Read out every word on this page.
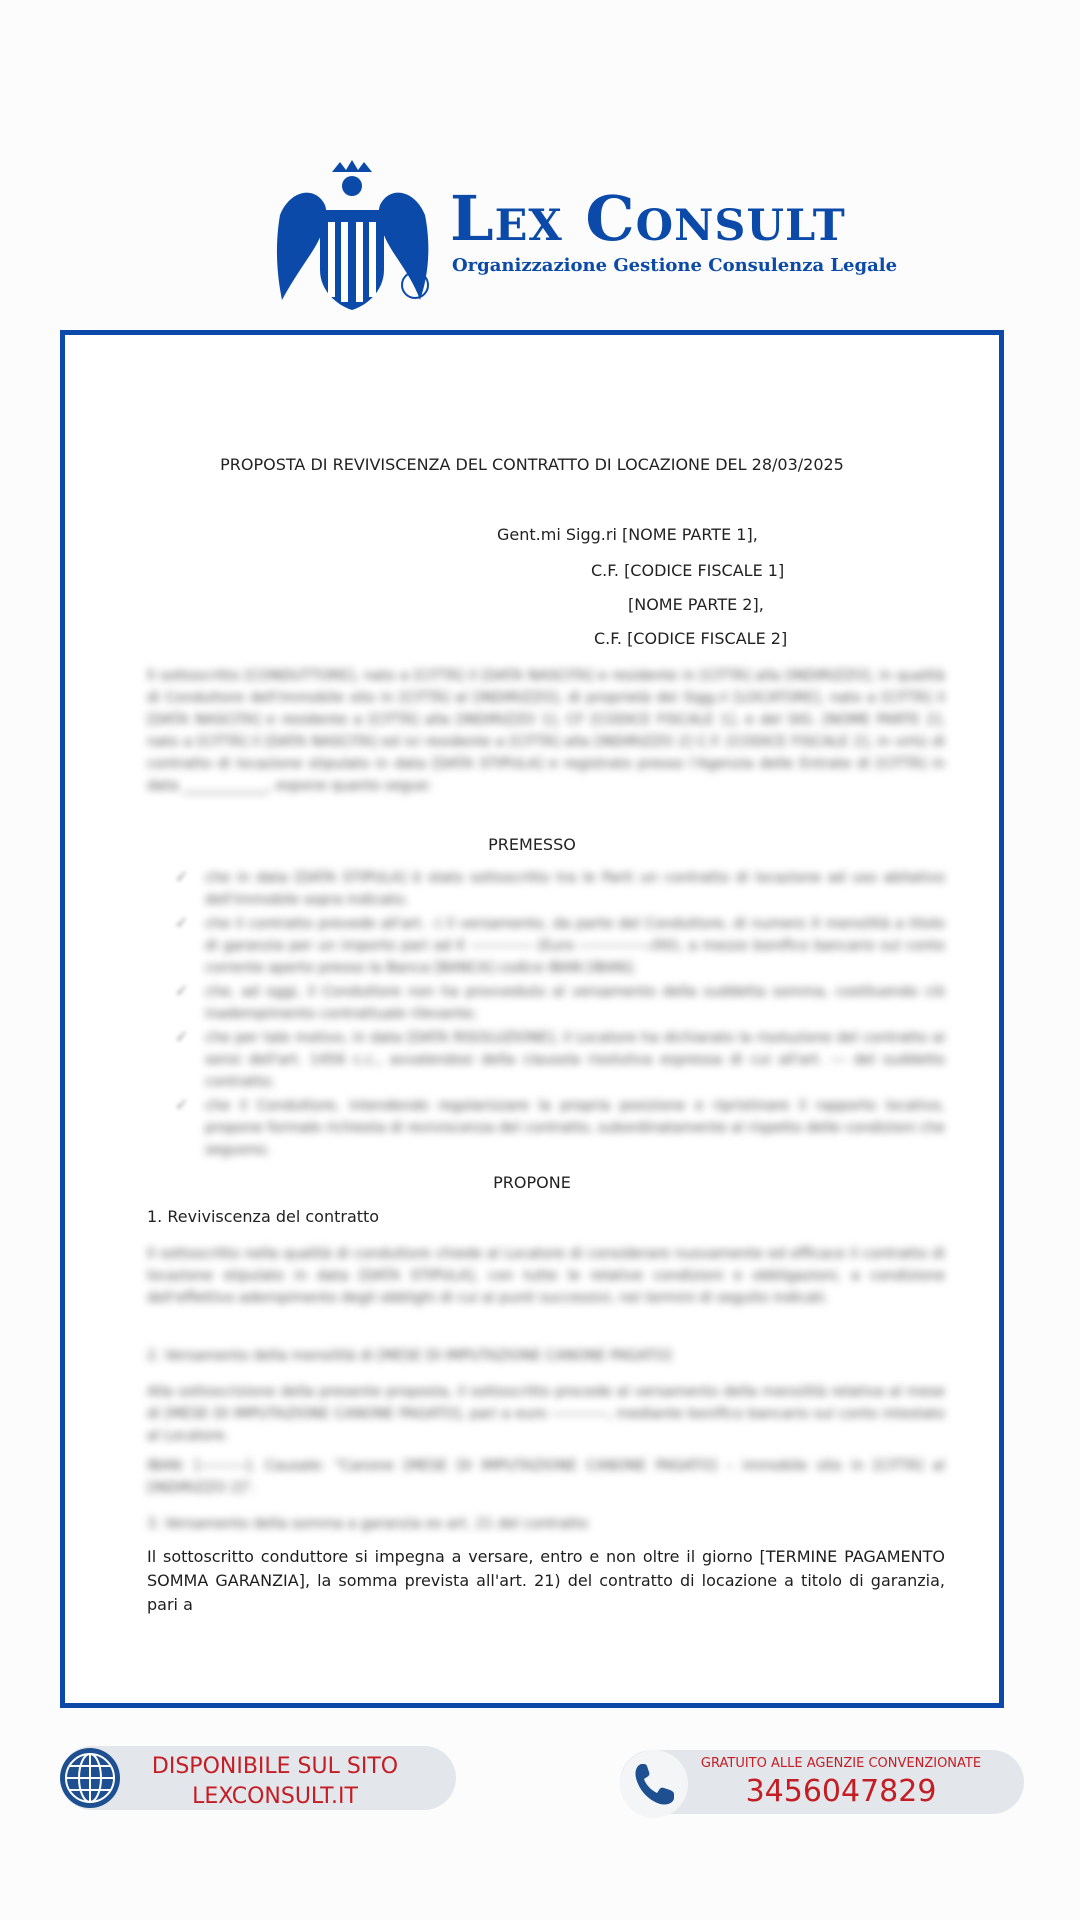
Lex Consult
Organizzazione Gestione Consulenza Legale
PROPOSTA DI REVIVISCENZA DEL CONTRATTO DI LOCAZIONE DEL 28/03/2025
Gent.mi Sigg.ri [NOME PARTE 1],
C.F. [CODICE FISCALE 1]
[NOME PARTE 2],
C.F. [CODICE FISCALE 2]
Il sottoscritto [CONDUTTORE], nato a [CITTÀ] il [DATA NASCITA] e residente in [CITTÀ] alla [INDIRIZZO], in qualità di Conduttore dell'immobile sito in [CITTÀ] al [INDIRIZZO], di proprietà dei Sigg.ri [LOCATORE], nato a [CITTÀ] il [DATA NASCITA] e residente a [CITTÀ] alla [INDIRIZZO 1], CF [CODICE FISCALE 1], e del SIG. [NOME PARTE 2], nato a [CITTÀ] il [DATA NASCITA] ed ivi residente a [CITTÀ] alla [INDIRIZZO 2] C.F. [CODICE FISCALE 2], in virtù di contratto di locazione stipulato in data [DATA STIPULA] e registrato presso l'Agenzia delle Entrate di [CITTÀ] in data ____________, espone quanto segue:
PREMESSO
✓	che in data [DATA STIPULA] è stato sottoscritto tra le Parti un contratto di locazione ad uso abitativo dell'immobile sopra indicato;
✓	che il contratto prevede all'art. -) il versamento, da parte del Conduttore, di numero X mensilità a titolo di garanzia per un importo pari ad € ------------ (Euro --------------/00), a mezzo bonifico bancario sul conto corrente aperto presso la Banca [BANCA] codice IBAN [IBAN];
✓	che, ad oggi, il Conduttore non ha provveduto al versamento della suddetta somma, costituendo ciò inadempimento contrattuale rilevante;
✓	che per tale motivo, in data [DATA RISOLUZIONE], il Locatore ha dichiarato la risoluzione del contratto ai sensi dell'art. 1456 c.c., avvalendosi della clausola risolutiva espressa di cui all'art. --- del suddetto contratto;
✓	che il Conduttore, intendendo regolarizzare la propria posizione e ripristinare il rapporto locativo, propone formale richiesta di reviviscenza del contratto, subordinatamente al rispetto delle condizioni che seguono;
PROPONE
1. Reviviscenza del contratto
Il sottoscritto nella qualità di conduttore chiede al Locatore di considerare nuovamente ed efficace il contratto di locazione stipulato in data [DATA STIPULA], con tutte le relative condizioni e obbligazioni, a condizione dell'effettivo adempimento degli obblighi di cui ai punti successivi, nei termini di seguito indicati.
2. Versamento della mensilità di [MESE DI IMPUTAZIONE CANONE PAGATO]
Alla sottoscrizione della presente proposta, il sottoscritto procede al versamento della mensilità relativa al mese di [MESE DI IMPUTAZIONE CANONE PAGATO], pari a euro -----------, mediante bonifico bancario sul conto intestato al Locatore.
IBAN: [---------]. Causale: "Canone [MESE DI IMPUTAZIONE CANONE PAGATO] – immobile sito in [CITTÀ] al [INDIRIZZO 2]".
3. Versamento della somma a garanzia ex art. 21 del contratto
Il sottoscritto conduttore si impegna a versare, entro e non oltre il giorno [TERMINE PAGAMENTO SOMMA GARANZIA], la somma prevista all'art. 21) del contratto di locazione a titolo di garanzia, pari a
DISPONIBILE SUL SITO
LEXCONSULT.IT
GRATUITO ALLE AGENZIE CONVENZIONATE
3456047829
